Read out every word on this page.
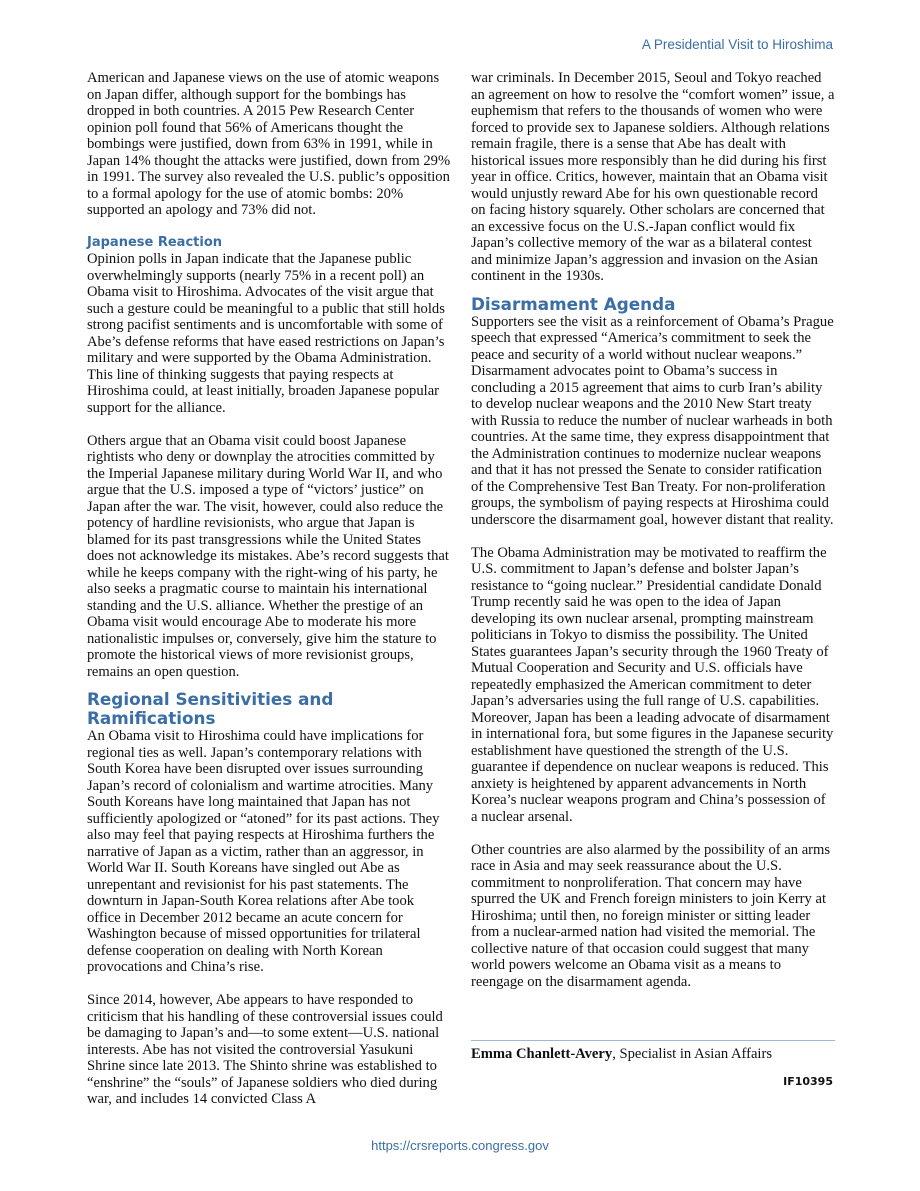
A Presidential Visit to Hiroshima

American and Japanese views on the use of atomic weapons on Japan differ, although support for the bombings has dropped in both countries. A 2015 Pew Research Center opinion poll found that 56% of Americans thought the bombings were justified, down from 63% in 1991, while in Japan 14% thought the attacks were justified, down from 29% in 1991. The survey also revealed the U.S. public’s opposition to a formal apology for the use of atomic bombs: 20% supported an apology and 73% did not.

Japanese Reaction

Opinion polls in Japan indicate that the Japanese public overwhelmingly supports (nearly 75% in a recent poll) an Obama visit to Hiroshima. Advocates of the visit argue that such a gesture could be meaningful to a public that still holds strong pacifist sentiments and is uncomfortable with some of Abe’s defense reforms that have eased restrictions on Japan’s military and were supported by the Obama Administration. This line of thinking suggests that paying respects at Hiroshima could, at least initially, broaden Japanese popular support for the alliance.

Others argue that an Obama visit could boost Japanese rightists who deny or downplay the atrocities committed by the Imperial Japanese military during World War II, and who argue that the U.S. imposed a type of “victors’ justice” on Japan after the war. The visit, however, could also reduce the potency of hardline revisionists, who argue that Japan is blamed for its past transgressions while the United States does not acknowledge its mistakes. Abe’s record suggests that while he keeps company with the right-wing of his party, he also seeks a pragmatic course to maintain his international standing and the U.S. alliance. Whether the prestige of an Obama visit would encourage Abe to moderate his more nationalistic impulses or, conversely, give him the stature to promote the historical views of more revisionist groups, remains an open question.

Regional Sensitivities and Ramifications

An Obama visit to Hiroshima could have implications for regional ties as well. Japan’s contemporary relations with South Korea have been disrupted over issues surrounding Japan’s record of colonialism and wartime atrocities. Many South Koreans have long maintained that Japan has not sufficiently apologized or “atoned” for its past actions. They also may feel that paying respects at Hiroshima furthers the narrative of Japan as a victim, rather than an aggressor, in World War II. South Koreans have singled out Abe as unrepentant and revisionist for his past statements. The downturn in Japan-South Korea relations after Abe took office in December 2012 became an acute concern for Washington because of missed opportunities for trilateral defense cooperation on dealing with North Korean provocations and China’s rise.

Since 2014, however, Abe appears to have responded to criticism that his handling of these controversial issues could be damaging to Japan’s and—to some extent—U.S. national interests. Abe has not visited the controversial Yasukuni Shrine since late 2013. The Shinto shrine was established to “enshrine” the “souls” of Japanese soldiers who died during war, and includes 14 convicted Class A

war criminals. In December 2015, Seoul and Tokyo reached an agreement on how to resolve the “comfort women” issue, a euphemism that refers to the thousands of women who were forced to provide sex to Japanese soldiers. Although relations remain fragile, there is a sense that Abe has dealt with historical issues more responsibly than he did during his first year in office. Critics, however, maintain that an Obama visit would unjustly reward Abe for his own questionable record on facing history squarely. Other scholars are concerned that an excessive focus on the U.S.-Japan conflict would fix Japan’s collective memory of the war as a bilateral contest and minimize Japan’s aggression and invasion on the Asian continent in the 1930s.

Disarmament Agenda

Supporters see the visit as a reinforcement of Obama’s Prague speech that expressed “America’s commitment to seek the peace and security of a world without nuclear weapons.” Disarmament advocates point to Obama’s success in concluding a 2015 agreement that aims to curb Iran’s ability to develop nuclear weapons and the 2010 New Start treaty with Russia to reduce the number of nuclear warheads in both countries. At the same time, they express disappointment that the Administration continues to modernize nuclear weapons and that it has not pressed the Senate to consider ratification of the Comprehensive Test Ban Treaty. For non-proliferation groups, the symbolism of paying respects at Hiroshima could underscore the disarmament goal, however distant that reality.

The Obama Administration may be motivated to reaffirm the U.S. commitment to Japan’s defense and bolster Japan’s resistance to “going nuclear.” Presidential candidate Donald Trump recently said he was open to the idea of Japan developing its own nuclear arsenal, prompting mainstream politicians in Tokyo to dismiss the possibility. The United States guarantees Japan’s security through the 1960 Treaty of Mutual Cooperation and Security and U.S. officials have repeatedly emphasized the American commitment to deter Japan’s adversaries using the full range of U.S. capabilities. Moreover, Japan has been a leading advocate of disarmament in international fora, but some figures in the Japanese security establishment have questioned the strength of the U.S. guarantee if dependence on nuclear weapons is reduced. This anxiety is heightened by apparent advancements in North Korea’s nuclear weapons program and China’s possession of a nuclear arsenal.

Other countries are also alarmed by the possibility of an arms race in Asia and may seek reassurance about the U.S. commitment to nonproliferation. That concern may have spurred the UK and French foreign ministers to join Kerry at Hiroshima; until then, no foreign minister or sitting leader from a nuclear-armed nation had visited the memorial. The collective nature of that occasion could suggest that many world powers welcome an Obama visit as a means to reengage on the disarmament agenda.

Emma Chanlett-Avery, Specialist in Asian Affairs
IF10395
https://crsreports.congress.gov
